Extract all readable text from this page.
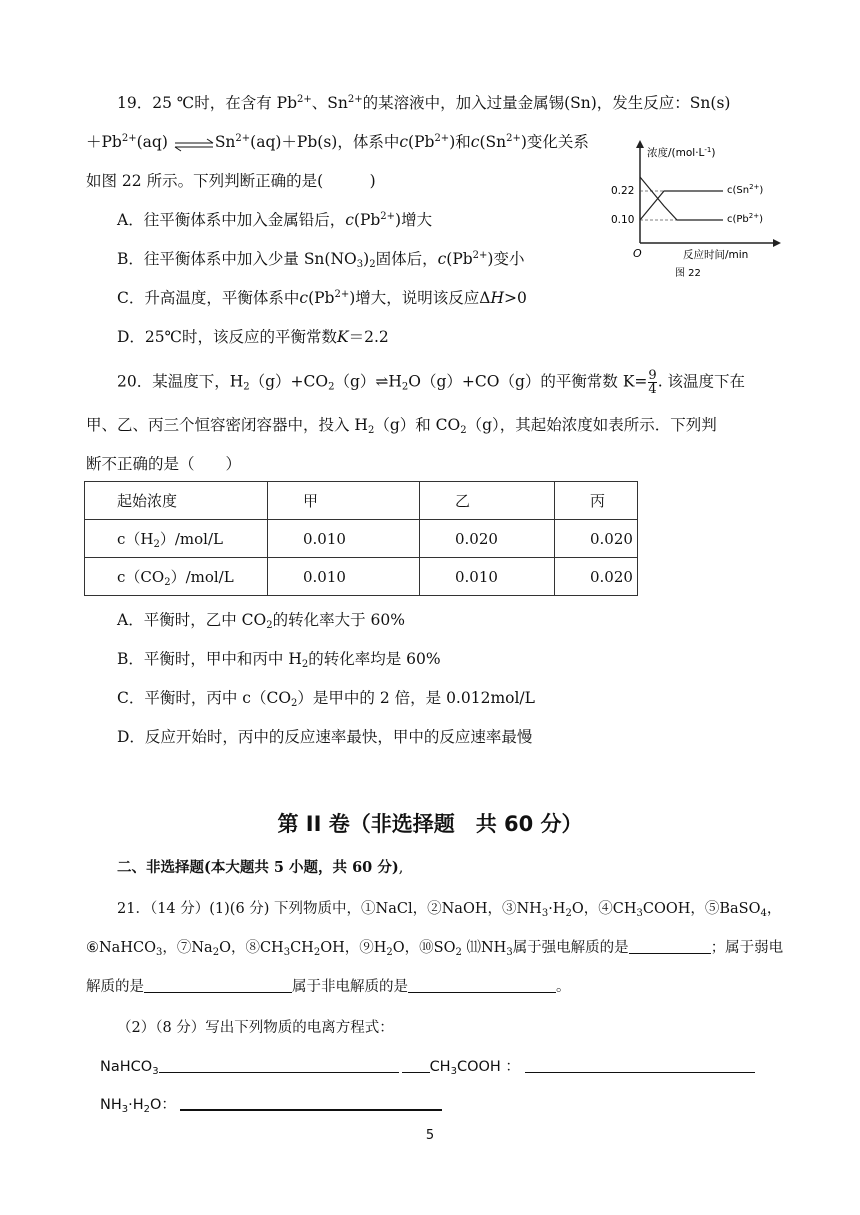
19．25 ℃时，在含有 $Pb^{2+}$、$Sn^{2+}$的某溶液中，加入过量金属锡(Sn)，发生反应：Sn(s)
$+Pb^{2+}(aq)$ $\rightleftharpoons Sn^{2+}(aq)+Pb(s)$，体系中$c(Pb^{2+})$和$c(Sn^{2+})$变化关系
如图 22 所示。下列判断正确的是(　　　)
A．往平衡体系中加入金属铅后，$c(Pb^{2+})$增大
B．往平衡体系中加入少量 $Sn(NO_3)_2$固体后，$c(Pb^{2+})$变小
C．升高温度，平衡体系中$c(Pb^{2+})$增大，说明该反应ΔH>0
D．25℃时，该反应的平衡常数K＝2.2
浓度$/(mol\cdot L^{-1})$
0.22
0.10
$c(Sn^{2+})$
$c(Pb^{2+})$
O	反应时间/min
图 22
20．某温度下，$H_2(g)+CO_2(g)\rightleftharpoons H_2O(g)+CO(g)$的平衡常数 $K= \frac{9}{4}$ . 该温度下在
甲、乙、丙三个恒容密闭容器中，投入 $H_2(g)$和 $CO_2(g)$，其起始浓度如表所示．下列判
断不正确的是（　　）
起始浓度	甲	乙	丙
$c(H_2)/mol/L$	0.010	0.020	0.020
$c(CO_2)/mol/L$	0.010	0.010	0.020
A．平衡时，乙中 $CO_2$的转化率大于 60%
B．平衡时，甲中和丙中 $H_2$的转化率均是 60%
C．平衡时，丙中 $c(CO_2)$是甲中的 2 倍，是 0.012mol/L
D．反应开始时，丙中的反应速率最快，甲中的反应速率最慢
第 II 卷（非选择题　共 60 分）
二、非选择题(本大题共 5 小题，共 60 分),
21．（14 分）(1)(6 分) 下列物质中，①NaCl，②NaOH，$③NH_3\cdot H_2O$，$④CH_3COOH$，⑤BaSO$_4$，
⑥NaHCO$_3$，$⑦Na_2O$，$⑧CH_3CH_2OH$，$⑨H_2O$，$⑩SO_2$ $⑾NH_3$属于强电解质的是	；属于弱电
解质的是	属于非电解质的是	。
（2）（8 分）写出下列物质的电离方程式：
NaHCO$_3$	$CH_3COOH$ ：
$NH_3\cdot H_2O$：
5
